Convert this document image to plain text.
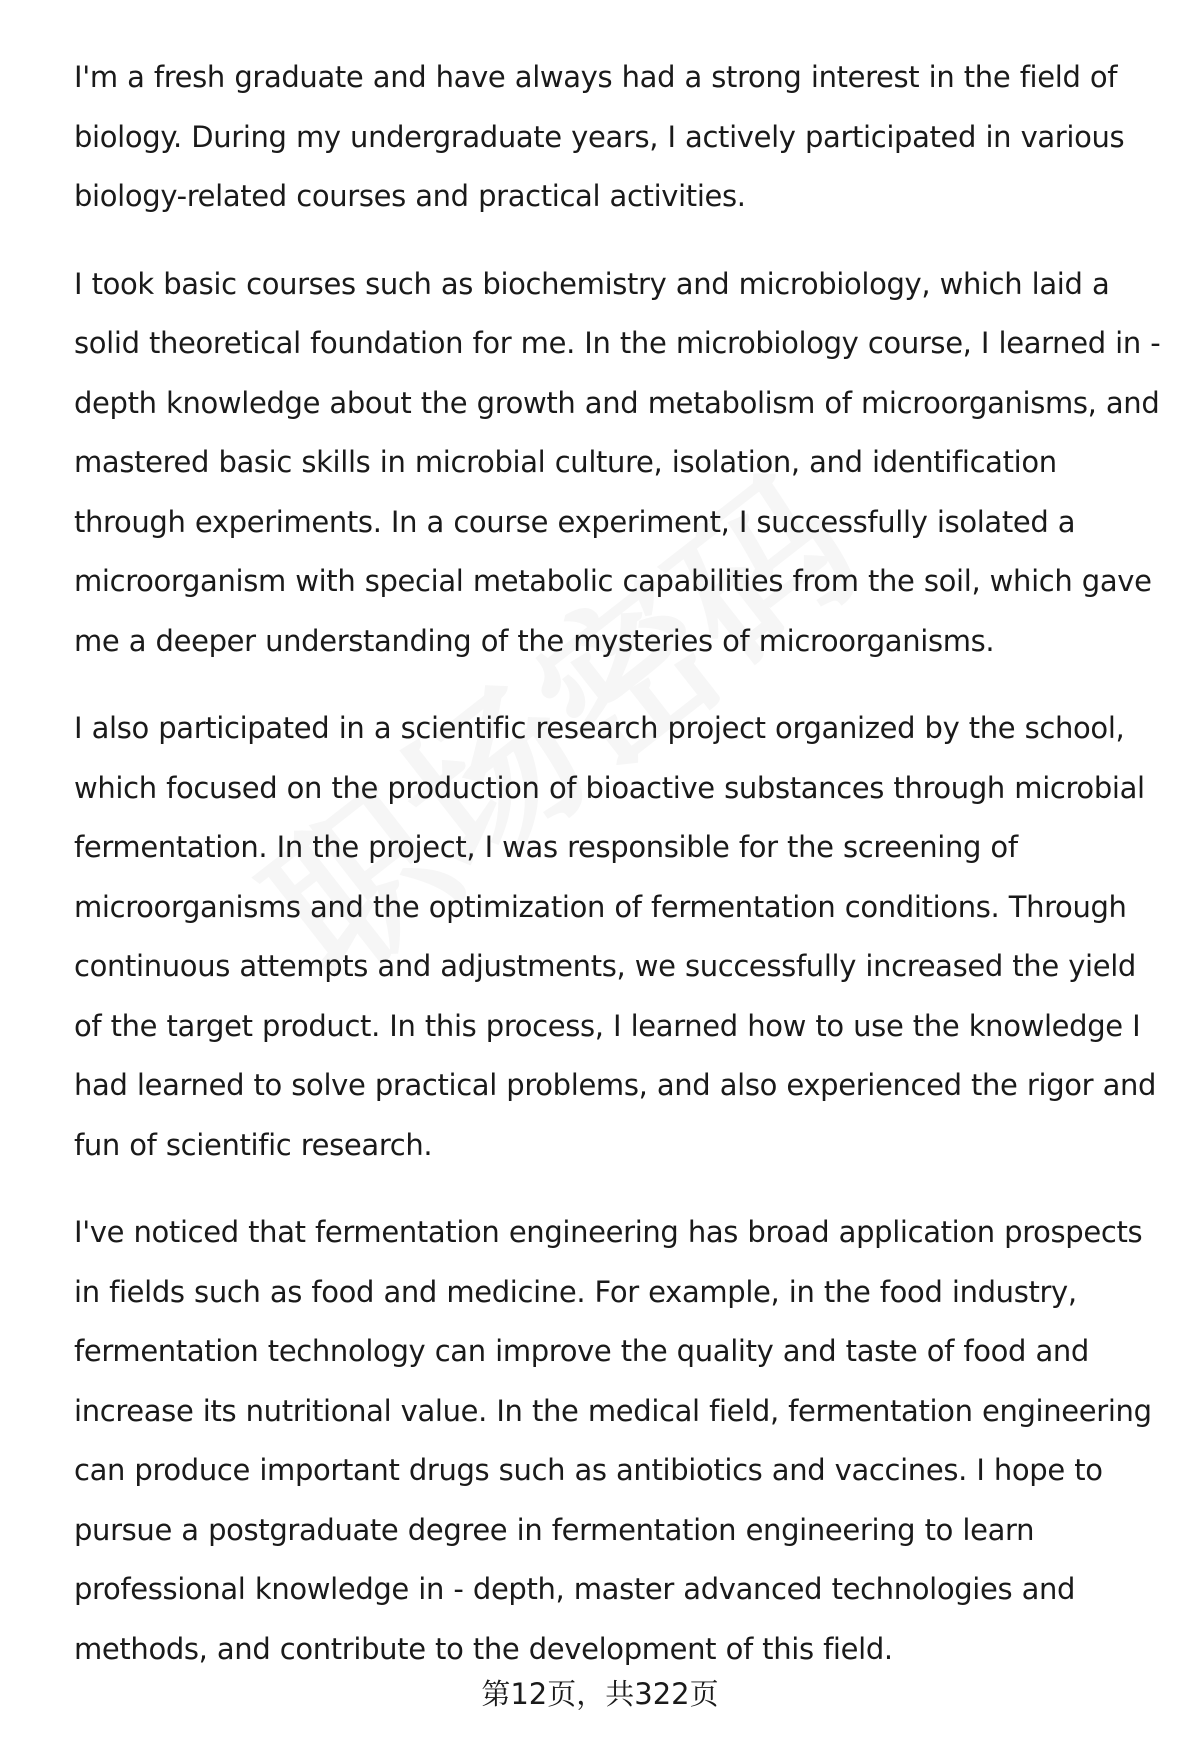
I'm a fresh graduate and have always had a strong interest in the field of biology. During my undergraduate years, I actively participated in various biology-related courses and practical activities.

I took basic courses such as biochemistry and microbiology, which laid a solid theoretical foundation for me. In the microbiology course, I learned in - depth knowledge about the growth and metabolism of microorganisms, and mastered basic skills in microbial culture, isolation, and identification through experiments. In a course experiment, I successfully isolated a microorganism with special metabolic capabilities from the soil, which gave me a deeper understanding of the mysteries of microorganisms.

I also participated in a scientific research project organized by the school, which focused on the production of bioactive substances through microbial fermentation. In the project, I was responsible for the screening of microorganisms and the optimization of fermentation conditions. Through continuous attempts and adjustments, we successfully increased the yield of the target product. In this process, I learned how to use the knowledge I had learned to solve practical problems, and also experienced the rigor and fun of scientific research.

I've noticed that fermentation engineering has broad application prospects in fields such as food and medicine. For example, in the food industry, fermentation technology can improve the quality and taste of food and increase its nutritional value. In the medical field, fermentation engineering can produce important drugs such as antibiotics and vaccines. I hope to pursue a postgraduate degree in fermentation engineering to learn professional knowledge in - depth, master advanced technologies and methods, and contribute to the development of this field.

第12页，共322页
